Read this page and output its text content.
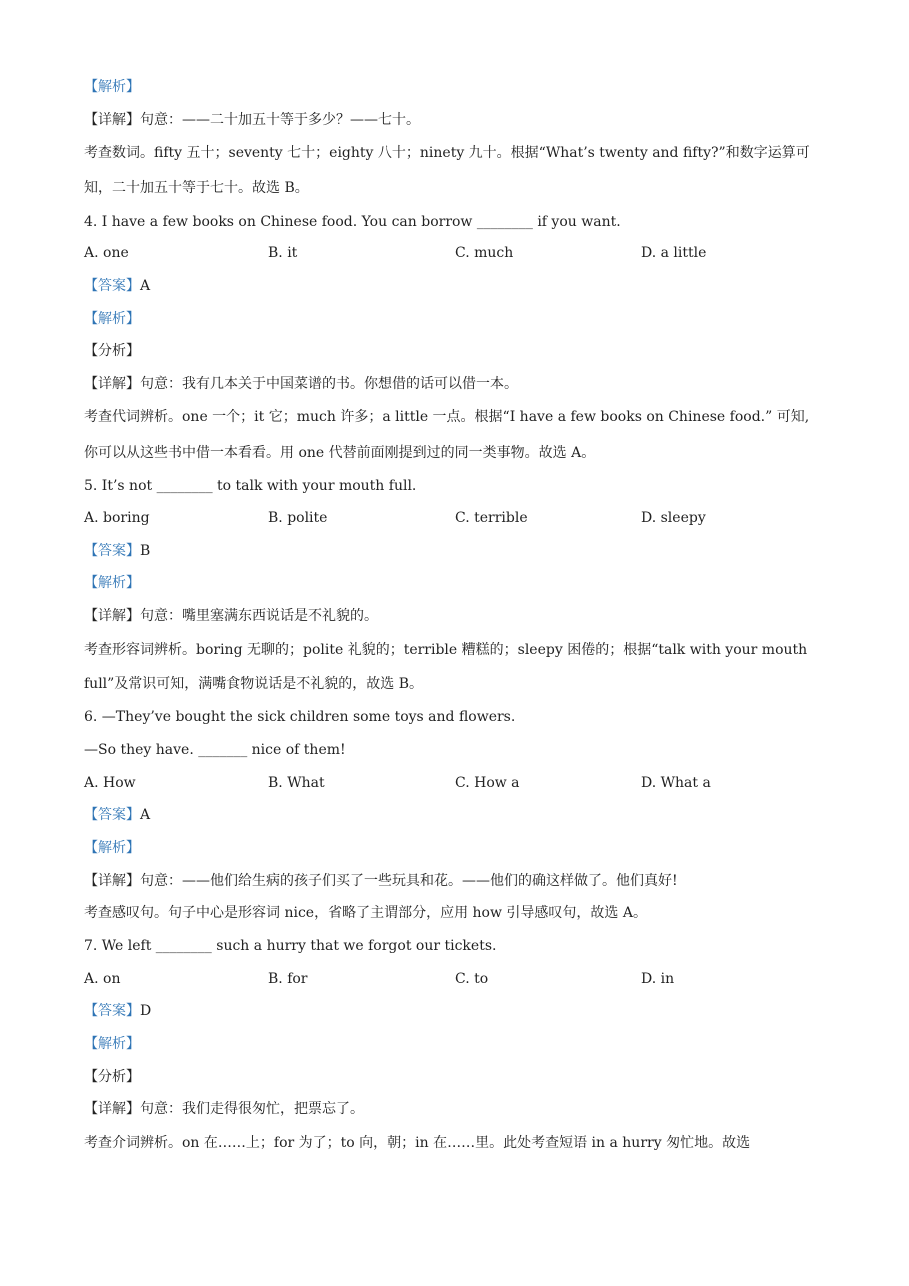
【解析】
【详解】句意：——二十加五十等于多少？——七十。
考查数词。fifty 五十；seventy 七十；eighty 八十；ninety 九十。根据“What’s twenty and fifty?”和数字运算可
知，二十加五十等于七十。故选 B。
4. I have a few books on Chinese food. You can borrow ________ if you want.
A. one	B. it	C. much	D. a little
【答案】A
【解析】
【分析】
【详解】句意：我有几本关于中国菜谱的书。你想借的话可以借一本。
考查代词辨析。one 一个；it 它；much 许多；a little 一点。根据“I have a few books on Chinese food.” 可知,
你可以从这些书中借一本看看。用 one 代替前面刚提到过的同一类事物。故选 A。
5. It’s not ________ to talk with your mouth full.
A. boring	B. polite	C. terrible	D. sleepy
【答案】B
【解析】
【详解】句意：嘴里塞满东西说话是不礼貌的。
考查形容词辨析。boring 无聊的；polite 礼貌的；terrible 糟糕的；sleepy 困倦的；根据“talk with your mouth
full”及常识可知，满嘴食物说话是不礼貌的，故选 B。
6. —They’ve bought the sick children some toys and flowers.
—So they have. _______ nice of them!
A. How	B. What	C. How a	D. What a
【答案】A
【解析】
【详解】句意：——他们给生病的孩子们买了一些玩具和花。——他们的确这样做了。他们真好!
考查感叹句。句子中心是形容词 nice，省略了主谓部分，应用 how 引导感叹句，故选 A。
7. We left ________ such a hurry that we forgot our tickets.
A. on	B. for	C. to	D. in
【答案】D
【解析】
【分析】
【详解】句意：我们走得很匆忙，把票忘了。
考查介词辨析。on 在……上；for 为了；to 向，朝；in 在……里。此处考查短语 in a hurry 匆忙地。故选
